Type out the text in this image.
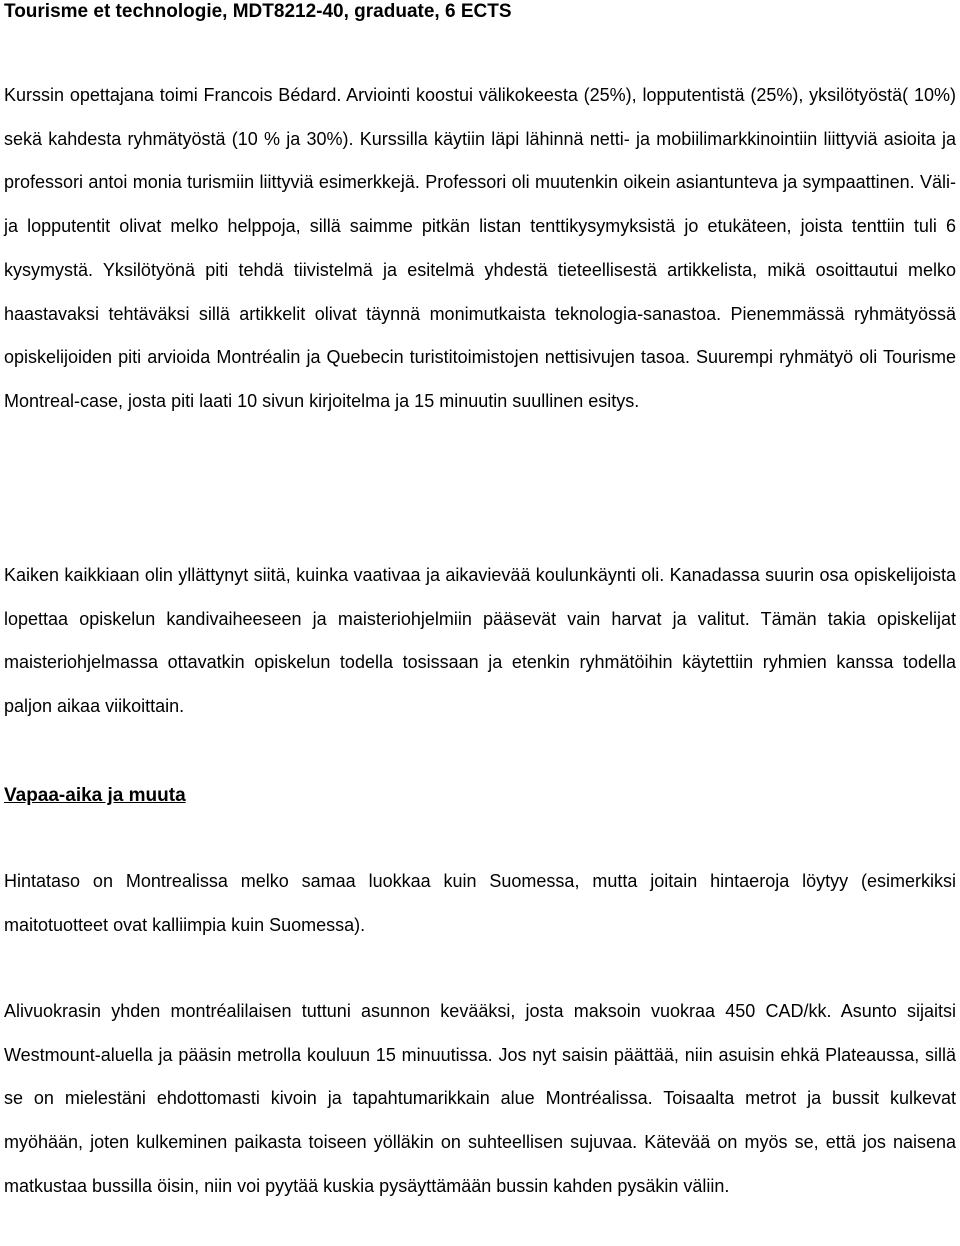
Tourisme et technologie, MDT8212-40, graduate, 6 ECTS

Kurssin opettajana toimi Francois Bédard. Arviointi koostui välikokeesta (25%), lopputentistä (25%), yksilötyöstä( 10%) sekä kahdesta ryhmätyöstä (10 % ja 30%). Kurssilla käytiin läpi lähinnä netti- ja mobiilimarkkinointiin liittyviä asioita ja professori antoi monia turismiin liittyviä esimerkkejä. Professori oli muutenkin oikein asiantunteva ja sympaattinen. Väli- ja lopputentit olivat melko helppoja, sillä saimme pitkän listan tenttikysymyksistä jo etukäteen, joista tenttiin tuli 6 kysymystä. Yksilötyönä piti tehdä tiivistelmä ja esitelmä yhdestä tieteellisestä artikkelista, mikä osoittautui melko haastavaksi tehtäväksi sillä artikkelit olivat täynnä monimutkaista teknologia-sanastoa. Pienemmässä ryhmätyössä opiskelijoiden piti arvioida Montréalin ja Quebecin turistitoimistojen nettisivujen tasoa. Suurempi ryhmätyö oli Tourisme Montreal-case, josta piti laati 10 sivun kirjoitelma ja 15 minuutin suullinen esitys.

Kaiken kaikkiaan olin yllättynyt siitä, kuinka vaativaa ja aikavievää koulunkäynti oli. Kanadassa suurin osa opiskelijoista lopettaa opiskelun kandivaiheeseen ja maisteriohjelmiin pääsevät vain harvat ja valitut. Tämän takia opiskelijat maisteriohjelmassa ottavatkin opiskelun todella tosissaan ja etenkin ryhmätöihin käytettiin ryhmien kanssa todella paljon aikaa viikoittain.

Vapaa-aika ja muuta

Hintataso on Montrealissa melko samaa luokkaa kuin Suomessa, mutta joitain hintaeroja löytyy (esimerkiksi maitotuotteet ovat kalliimpia kuin Suomessa).

Alivuokrasin yhden montréalilaisen tuttuni asunnon kevääksi, josta maksoin vuokraa 450 CAD/kk. Asunto sijaitsi Westmount-aluella ja pääsin metrolla kouluun 15 minuutissa. Jos nyt saisin päättää, niin asuisin ehkä Plateaussa, sillä se on mielestäni ehdottomasti kivoin ja tapahtumarikkain alue Montréalissa. Toisaalta metrot ja bussit kulkevat myöhään, joten kulkeminen paikasta toiseen yölläkin on suhteellisen sujuvaa. Kätevää on myös se, että jos naisena matkustaa bussilla öisin, niin voi pyytää kuskia pysäyttämään bussin kahden pysäkin väliin.
